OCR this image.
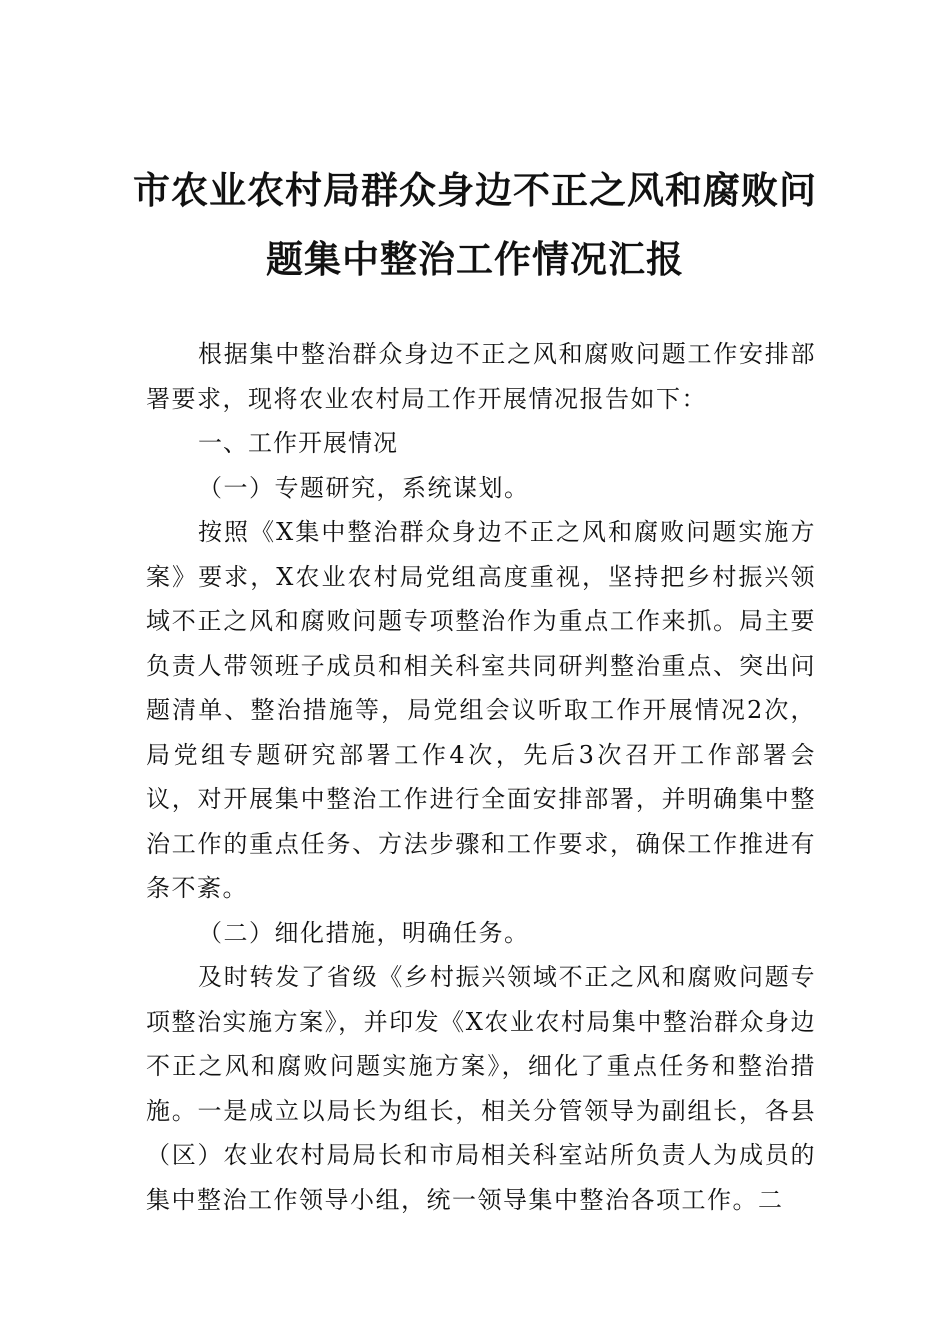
市农业农村局群众身边不正之风和腐败问
题集中整治工作情况汇报

根据集中整治群众身边不正之风和腐败问题工作安排部署要求，现将农业农村局工作开展情况报告如下：

一、工作开展情况

（一）专题研究，系统谋划。

按照《X集中整治群众身边不正之风和腐败问题实施方案》要求，X农业农村局党组高度重视，坚持把乡村振兴领域不正之风和腐败问题专项整治作为重点工作来抓。局主要负责人带领班子成员和相关科室共同研判整治重点、突出问题清单、整治措施等，局党组会议听取工作开展情况2次，局党组专题研究部署工作4次，先后3次召开工作部署会议，对开展集中整治工作进行全面安排部署，并明确集中整治工作的重点任务、方法步骤和工作要求，确保工作推进有条不紊。

（二）细化措施，明确任务。

及时转发了省级《乡村振兴领域不正之风和腐败问题专项整治实施方案》，并印发《X农业农村局集中整治群众身边不正之风和腐败问题实施方案》，细化了重点任务和整治措施。一是成立以局长为组长，相关分管领导为副组长，各县（区）农业农村局局长和市局相关科室站所负责人为成员的集中整治工作领导小组，统一领导集中整治各项工作。二
